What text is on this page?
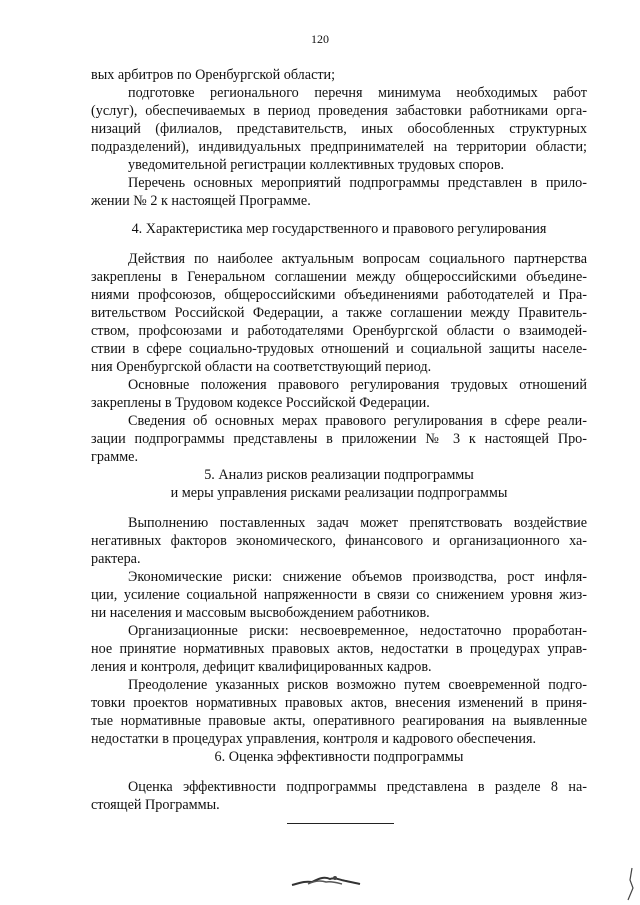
120
вых арбитров по Оренбургской области;
подготовке регионального перечня минимума необходимых работ
(услуг), обеспечиваемых в период проведения забастовки работниками орга-
низаций (филиалов, представительств, иных обособленных структурных
подразделений), индивидуальных предпринимателей на территории области;
уведомительной регистрации коллективных трудовых споров.
Перечень основных мероприятий подпрограммы представлен в прило-
жении № 2 к настоящей Программе.
4. Характеристика мер государственного и правового регулирования
Действия по наиболее актуальным вопросам социального партнерства
закреплены в Генеральном соглашении между общероссийскими объедине-
ниями профсоюзов, общероссийскими объединениями работодателей и Пра-
вительством Российской Федерации, а также соглашении между Правитель-
ством, профсоюзами и работодателями Оренбургской области о взаимодей-
ствии в сфере социально-трудовых отношений и социальной защиты населе-
ния Оренбургской области на соответствующий период.
Основные положения правового регулирования трудовых отношений
закреплены в Трудовом кодексе Российской Федерации.
Сведения об основных мерах правового регулирования в сфере реали-
зации подпрограммы представлены в приложении № 3 к настоящей Про-
грамме.
5. Анализ рисков реализации подпрограммы
и меры управления рисками реализации подпрограммы
Выполнению поставленных задач может препятствовать воздействие
негативных факторов экономического, финансового и организационного ха-
рактера.
Экономические риски: снижение объемов производства, рост инфля-
ции, усиление социальной напряженности в связи со снижением уровня жиз-
ни населения и массовым высвобождением работников.
Организационные риски: несвоевременное, недостаточно проработан-
ное принятие нормативных правовых актов, недостатки в процедурах управ-
ления и контроля, дефицит квалифицированных кадров.
Преодоление указанных рисков возможно путем своевременной подго-
товки проектов нормативных правовых актов, внесения изменений в приня-
тые нормативные правовые акты, оперативного реагирования на выявленные
недостатки в процедурах управления, контроля и кадрового обеспечения.
6. Оценка эффективности подпрограммы
Оценка эффективности подпрограммы представлена в разделе 8 на-
стоящей Программы.
